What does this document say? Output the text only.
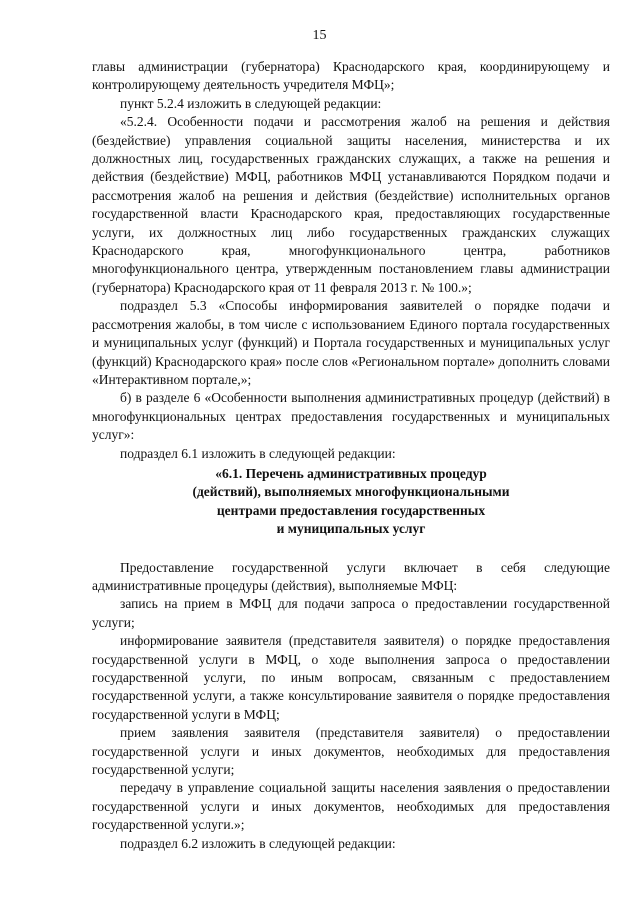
15

главы администрации (губернатора) Краснодарского края, координирующему и контролирующему деятельность учредителя МФЦ»;

пункт 5.2.4 изложить в следующей редакции:

«5.2.4. Особенности подачи и рассмотрения жалоб на решения и действия (бездействие) управления социальной защиты населения, министерства и их должностных лиц, государственных гражданских служащих, а также на решения и действия (бездействие) МФЦ, работников МФЦ устанавливаются Порядком подачи и рассмотрения жалоб на решения и действия (бездействие) исполнительных органов государственной власти Краснодарского края, предоставляющих государственные услуги, их должностных лиц либо государственных гражданских служащих Краснодарского края, многофункционального центра, работников многофункционального центра, утвержденным постановлением главы администрации (губернатора) Краснодарского края от 11 февраля 2013 г. № 100.»;

подраздел 5.3 «Способы информирования заявителей о порядке подачи и рассмотрения жалобы, в том числе с использованием Единого портала государственных и муниципальных услуг (функций) и Портала государственных и муниципальных услуг (функций) Краснодарского края» после слов «Региональном портале» дополнить словами «Интерактивном портале,»;

б) в разделе 6 «Особенности выполнения административных процедур (действий) в многофункциональных центрах предоставления государственных и муниципальных услуг»:

подраздел 6.1 изложить в следующей редакции:

«6.1. Перечень административных процедур
(действий), выполняемых многофункциональными
центрами предоставления государственных
и муниципальных услуг

Предоставление государственной услуги включает в себя следующие административные процедуры (действия), выполняемые МФЦ:

запись на прием в МФЦ для подачи запроса о предоставлении государственной услуги;

информирование заявителя (представителя заявителя) о порядке предоставления государственной услуги в МФЦ, о ходе выполнения запроса о предоставлении государственной услуги, по иным вопросам, связанным с предоставлением государственной услуги, а также консультирование заявителя о порядке предоставления государственной услуги в МФЦ;

прием заявления заявителя (представителя заявителя) о предоставлении государственной услуги и иных документов, необходимых для предоставления государственной услуги;

передачу в управление социальной защиты населения заявления о предоставлении государственной услуги и иных документов, необходимых для предоставления государственной услуги.»;

подраздел 6.2 изложить в следующей редакции:
